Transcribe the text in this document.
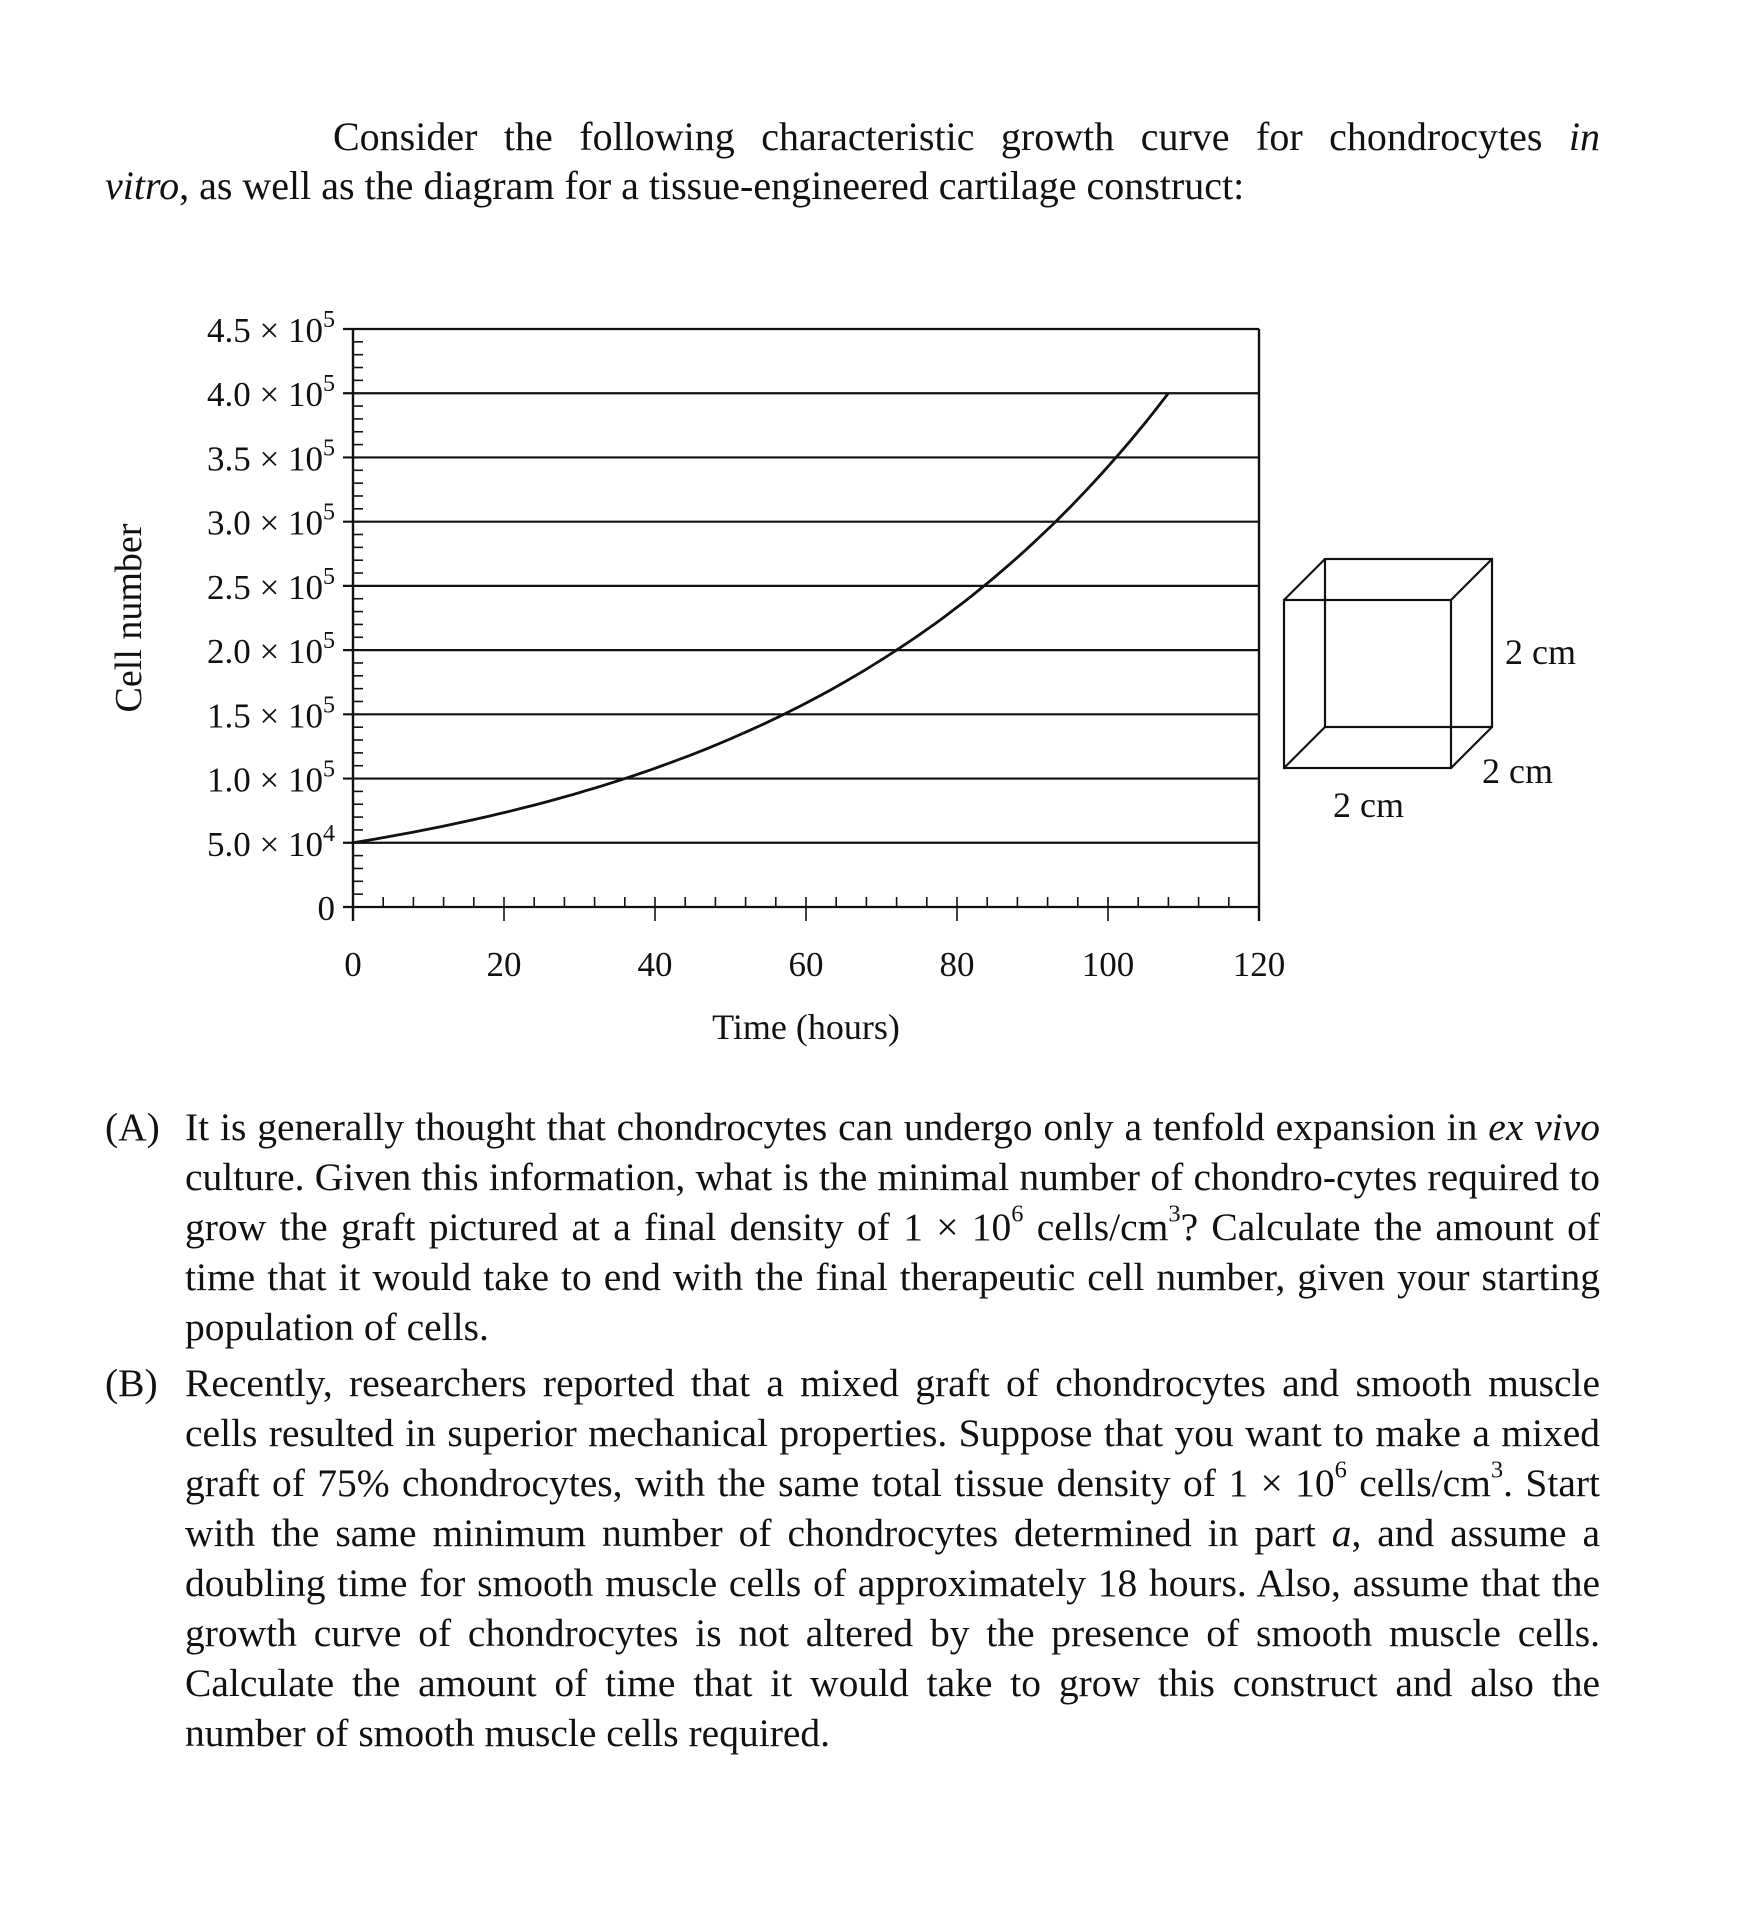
Consider the following characteristic growth curve for chondrocytes in
vitro, as well as the diagram for a tissue-engineered cartilage construct:
0
$5.0 \times 10^4$
$1.0 \times 10^5$
$1.5 \times 10^5$
$2.0 \times 10^5$
$2.5 \times 10^5$
$3.0 \times 10^5$
$3.5 \times 10^5$
$4.0 \times 10^5$
$4.5 \times 10^5$
0	20	40	60	80	100	120
Time (hours)
Cell number	2 cm
2 cm
2 cm
(A) It is generally thought that chondrocytes can undergo only a tenfold expansion in ex vivo culture. Given this information, what is the minimal number of chondro-cytes required to grow the graft pictured at a final density of $1 \times 10^6$ cells/$cm^3$? Calculate the amount of time that it would take to end with the final therapeutic cell number, given your starting population of cells.
(B) Recently, researchers reported that a mixed graft of chondrocytes and smooth muscle cells resulted in superior mechanical properties. Suppose that you want to make a mixed graft of 75% chondrocytes, with the same total tissue density of $1 \times 10^6$ cells/$cm^3$. Start with the same minimum number of chondrocytes determined in part a, and assume a doubling time for smooth muscle cells of approximately 18 hours. Also, assume that the growth curve of chondrocytes is not altered by the presence of smooth muscle cells. Calculate the amount of time that it would take to grow this construct and also the number of smooth muscle cells required.
